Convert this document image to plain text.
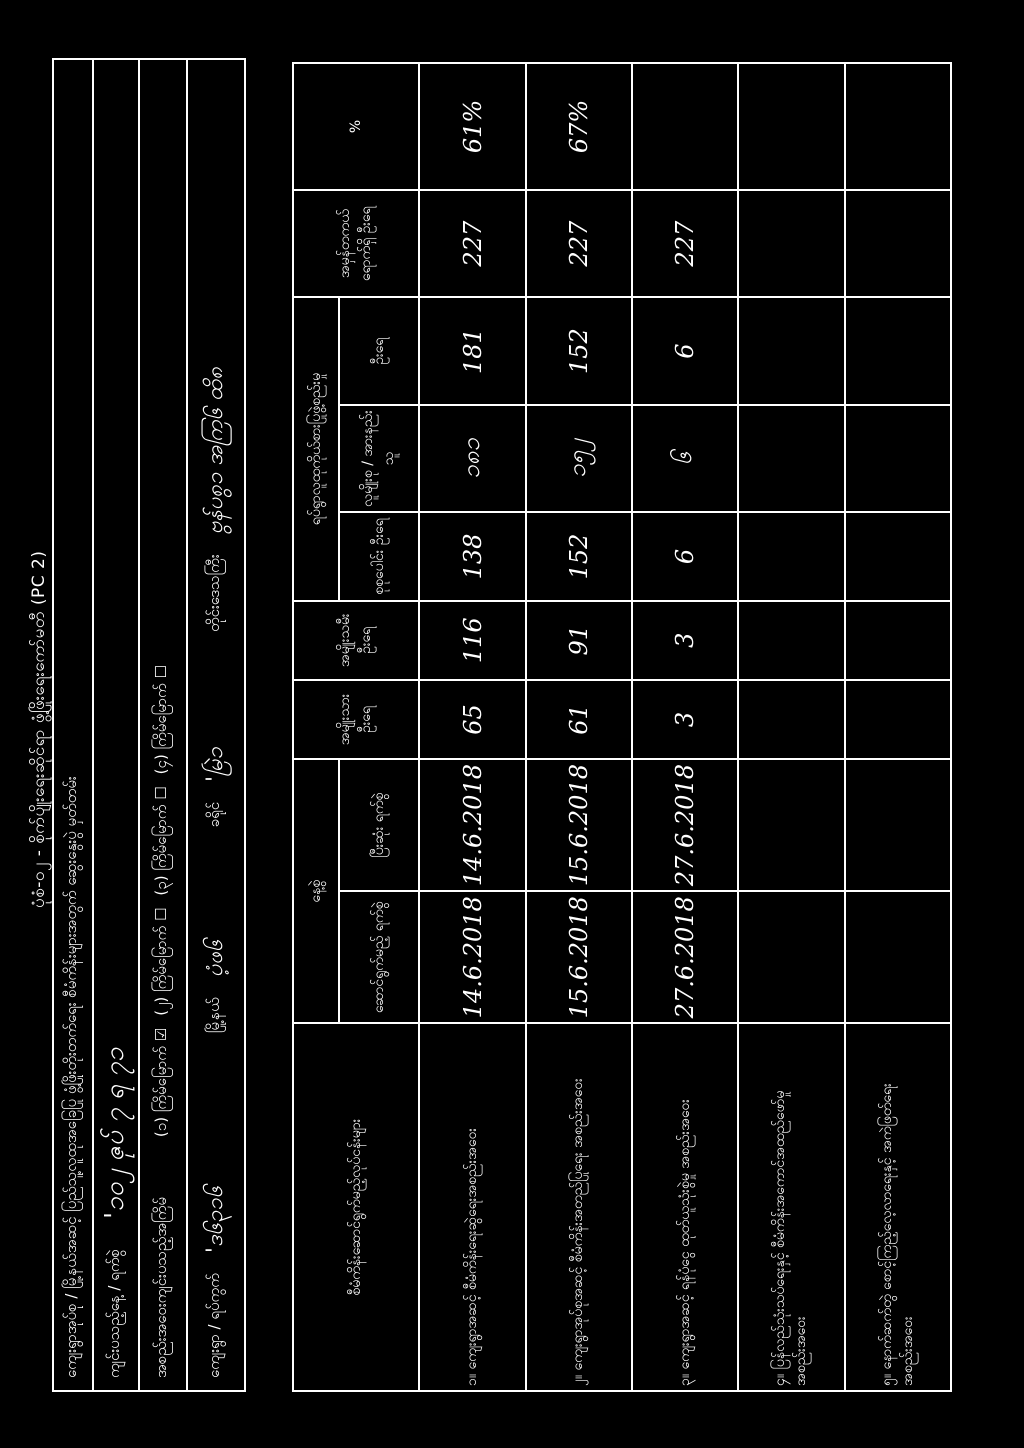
ပုံစံ-၀၂ - စိုက်ပျိုးရေးဆိုင်ရာ ဖွံ့ဖြိုးရေးကော်မတီ (PC 2)
ကျေးရွာအုပ်စု / မြို့နယ်အဆင့် ပြည်သူ့လူထုအခြေပြု ဖွံ့ဖြိုးတိုးတက်ရေး စီမံကိန်းများအတွက် ဆွေးနွေးပွဲ မှတ်တမ်း ကျင်းပသည့်နေ့ / ရက်စွဲ
'၁၀၂ ဇုပ် ၇ ရ ၇၁
အစည်းအဝေးကျင်းပသည့်အကြိမ်
(၁) ကြိမ်မြောက် ☑
(၂) ကြိမ်မြောက် ☐
(၃) ကြိမ်မြောက် ☐
(၄) ကြိမ်မြောက် ☐
ကျေးရွာ / ရပ်ကွက်
'ဒ၆၃၁၆
မြို့နယ်
ပံ့ဖ၆
ခရိုင်
'မြဲ၁
တိုင်းဒေသကြီး
ဗွန်ပ၈ွ၁ အကြ၆ ထိ၈
စီမံကိန်းဆောင်ရွက်မည့်လုပ်ငန်းများ	နေ့စွဲ		အမျိုးသား ဦးရေ	အမျိုးသမီး ဦးရေ	ရပ်ရွာလူထုကိုယ်စားပြုဖွဲ့စည်းမှု			အမှန်တကယ် ရောက်ရှိ ဦးရေ	%
	ဆောင်ရွက်မည့် ရက်စွဲ	ပြီးဆုံး ရက်စွဲ			စုစုပေါင်း ဦးရေ	လူမျိုးစု / အားနည်းသူ	ဦးရေ		
၁။ ကျေးရွာအဆင့် စီမံကိန်းရေးဆွဲရေးအစည်းအဝေး	14.6.2018	14.6.2018	65	116	138	၁၈၁	181	227	61%
၂။ ကျေးရွာအုပ်စုအဆင့် စီမံကိန်းအတည်ပြုရေး အစည်းအဝေး	15.6.2018	15.6.2018	61	91	152	၁၅၂	152	227	67%
၃။ ကျေးရွာအဆင့် ရန်ပုံငွေ ထုတ်ယူသုံးစွဲမှု အစည်းအဝေး	27.6.2018	27.6.2018	3	3	6	၆	6	227	
၄။ ပြန်လည်သုံးသပ်ရေးနှင့် စီမံကိန်းအကောင်အထည်ဖော်မှု အစည်းအဝေး									
၅။ နောက်ဆက်တွဲ စောင့်ကြည့်လေ့လာရေးနှင့် အကဲဖြတ်ရေး အစည်းအဝေး									
